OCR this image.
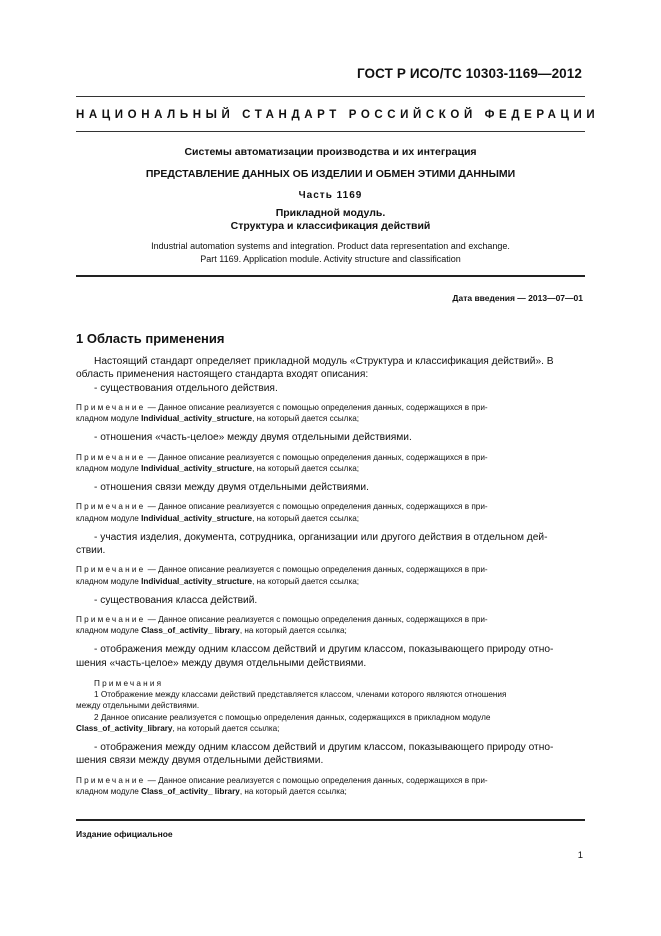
ГОСТ Р ИСО/ТС 10303-1169—2012
НАЦИОНАЛЬНЫЙ СТАНДАРТ РОССИЙСКОЙ ФЕДЕРАЦИИ
Системы автоматизации производства и их интеграция
ПРЕДСТАВЛЕНИЕ ДАННЫХ ОБ ИЗДЕЛИИ И ОБМЕН ЭТИМИ ДАННЫМИ
Часть 1169
Прикладной модуль.
Структура и классификация действий
Industrial automation systems and integration. Product data representation and exchange.
Part 1169. Application module. Activity structure and classification
Дата введения — 2013—07—01
1 Область применения

Настоящий стандарт определяет прикладной модуль «Структура и классификация действий». В

область применения настоящего стандарта входят описания:

- существования отдельного действия.

Примечание — Данное описание реализуется с помощью определения данных, содержащихся в при-
кладном модуле Individual_activity_structure, на который дается ссылка;

- отношения «часть-целое» между двумя отдельными действиями.

Примечание — Данное описание реализуется с помощью определения данных, содержащихся в при-
кладном модуле Individual_activity_structure, на который дается ссылка;

- отношения связи между двумя отдельными действиями.

Примечание — Данное описание реализуется с помощью определения данных, содержащихся в при-
кладном модуле Individual_activity_structure, на который дается ссылка;

- участия изделия, документа, сотрудника, организации или другого действия в отдельном дей-

ствии.

Примечание — Данное описание реализуется с помощью определения данных, содержащихся в при-
кладном модуле Individual_activity_structure, на который дается ссылка;

- существования класса действий.

Примечание — Данное описание реализуется с помощью определения данных, содержащихся в при-
кладном модуле Class_of_activity_ library, на который дается ссылка;

- отображения между одним классом действий и другим классом, показывающего природу отно-

шения «часть-целое» между двумя отдельными действиями.

Примечания
1 Отображение между классами действий представляется классом, членами которого являются отношения
между отдельными действиями.
2 Данное описание реализуется с помощью определения данных, содержащихся в прикладном модуле
Class_of_activity_library, на который дается ссылка;

- отображения между одним классом действий и другим классом, показывающего природу отно-

шения связи между двумя отдельными действиями.

Примечание — Данное описание реализуется с помощью определения данных, содержащихся в при-
кладном модуле Class_of_activity_ library, на который дается ссылка;

Издание официальное
1
